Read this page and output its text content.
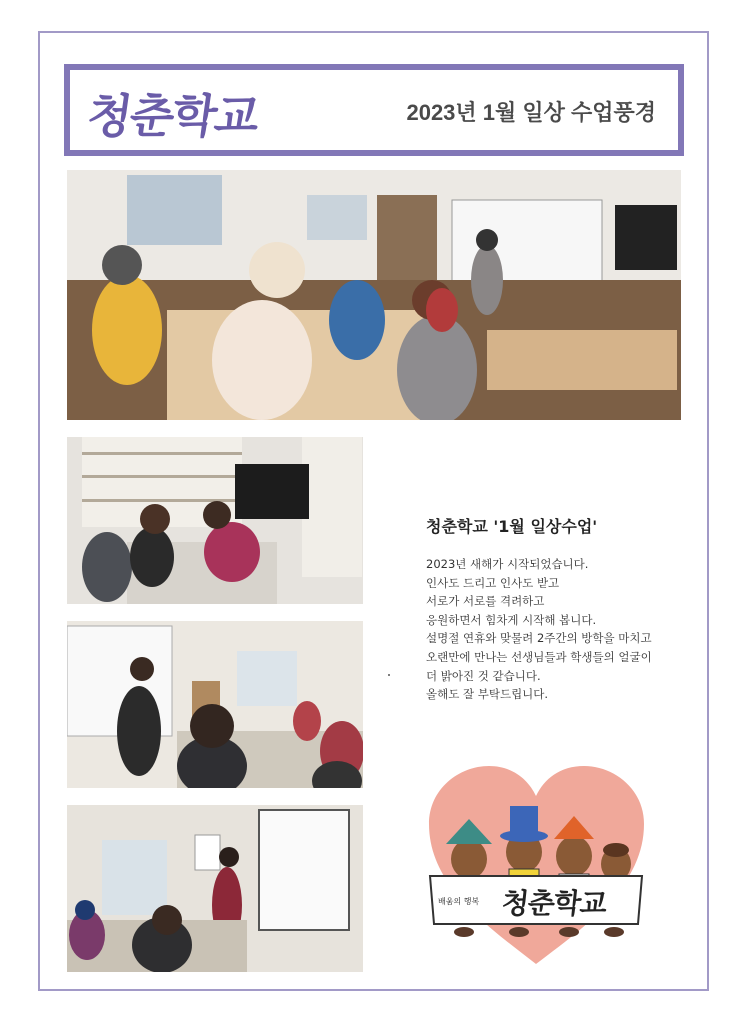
청춘학교	2023년 1월 일상 수업풍경
청춘학교 '1월 일상수업'
2023년 새해가 시작되었습니다.
인사도 드리고 인사도 받고
서로가 서로를 격려하고
응원하면서 힘차게 시작해 봅니다.
설명절 연휴와 맞물려 2주간의 방학을 마치고
오랜만에 만나는 선생님들과 학생들의 얼굴이
더 밝아진 것 같습니다.
올해도 잘 부탁드립니다.
배움의 행복 청춘학교
